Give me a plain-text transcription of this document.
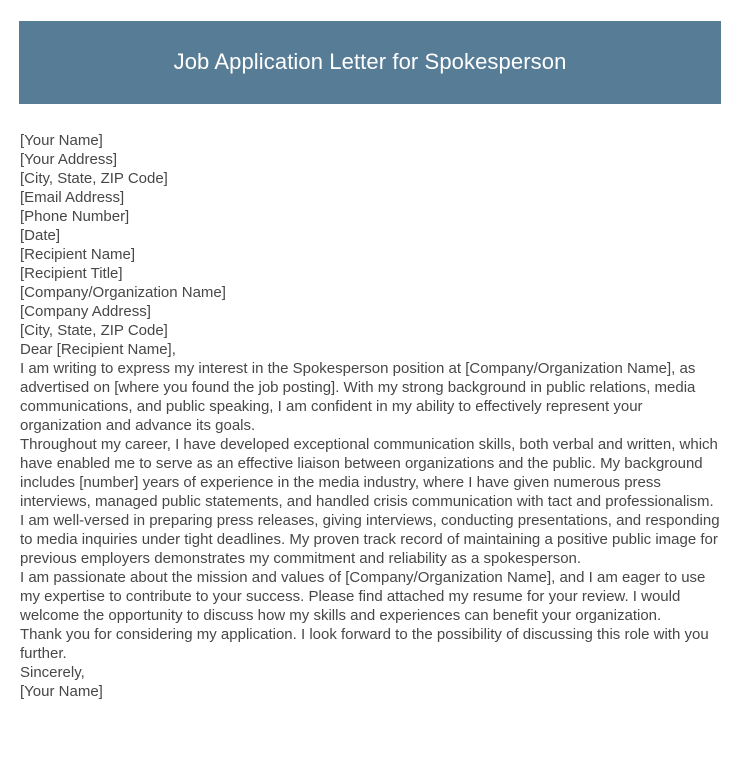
Job Application Letter for Spokesperson
[Your Name]
[Your Address]
[City, State, ZIP Code]
[Email Address]
[Phone Number]
[Date]
[Recipient Name]
[Recipient Title]
[Company/Organization Name]
[Company Address]
[City, State, ZIP Code]
Dear [Recipient Name],

I am writing to express my interest in the Spokesperson position at [Company/Organization Name], as advertised on [where you found the job posting]. With my strong background in public relations, media communications, and public speaking, I am confident in my ability to effectively represent your organization and advance its goals.

Throughout my career, I have developed exceptional communication skills, both verbal and written, which have enabled me to serve as an effective liaison between organizations and the public. My background includes [number] years of experience in the media industry, where I have given numerous press interviews, managed public statements, and handled crisis communication with tact and professionalism.

I am well-versed in preparing press releases, giving interviews, conducting presentations, and responding to media inquiries under tight deadlines. My proven track record of maintaining a positive public image for previous employers demonstrates my commitment and reliability as a spokesperson.

I am passionate about the mission and values of [Company/Organization Name], and I am eager to use my expertise to contribute to your success. Please find attached my resume for your review. I would welcome the opportunity to discuss how my skills and experiences can benefit your organization.

Thank you for considering my application. I look forward to the possibility of discussing this role with you further.

Sincerely,
[Your Name]
